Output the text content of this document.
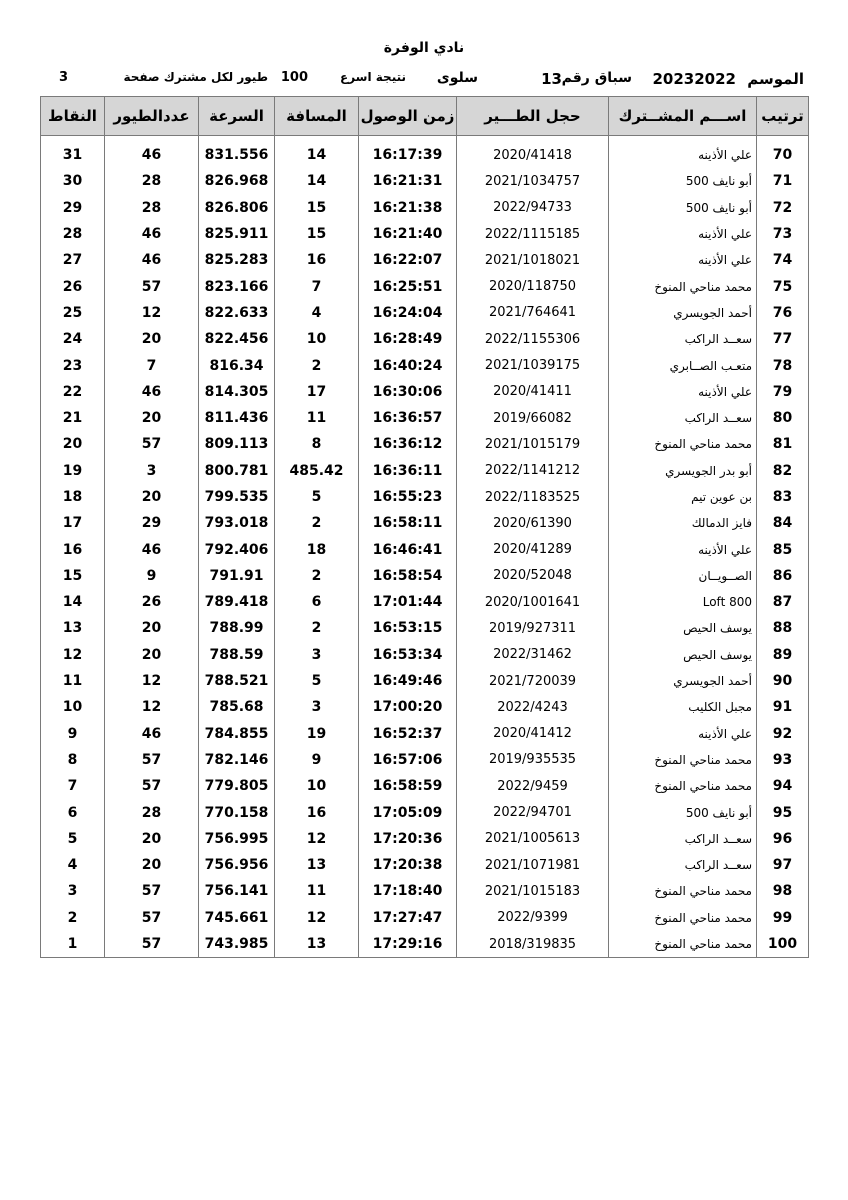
نادي الوفرة
الموسم
20232022
سباق رقم
13
سلوى
نتيجة اسرع
100
طيور لكل مشترك صفحة
3
ترتيب	اســـم المشــترك	حجل الطـــير	زمن الوصول	المسافة	السرعة	عددالطيور	النقاط

70	علي الأذينه	2020/41418	16:17:39	14	831.556	46	31
71	أبو نايف 500	2021/1034757	16:21:31	14	826.968	28	30
72	أبو نايف 500	2022/94733	16:21:38	15	826.806	28	29
73	علي الأذينه	2022/1115185	16:21:40	15	825.911	46	28
74	علي الأذينه	2021/1018021	16:22:07	16	825.283	46	27
75	محمد مناحي المنوخ	2020/118750	16:25:51	7	823.166	57	26
76	أحمد الجويسري	2021/764641	16:24:04	4	822.633	12	25
77	سعــد الراكب	2022/1155306	16:28:49	10	822.456	20	24
78	متعـب الصــابري	2021/1039175	16:40:24	2	816.34	7	23
79	علي الأذينه	2020/41411	16:30:06	17	814.305	46	22
80	سعــد الراكب	2019/66082	16:36:57	11	811.436	20	21
81	محمد مناحي المنوخ	2021/1015179	16:36:12	8	809.113	57	20
82	أبو بدر الجويسري	2022/1141212	16:36:11	485.42	800.781	3	19
83	بن عوين تيم	2022/1183525	16:55:23	5	799.535	20	18
84	فايز الدمالك	2020/61390	16:58:11	2	793.018	29	17
85	علي الأذينه	2020/41289	16:46:41	18	792.406	46	16
86	الصــويــان	2020/52048	16:58:54	2	791.91	9	15
87	Loft 800	2020/1001641	17:01:44	6	789.418	26	14
88	يوسف الحيص	2019/927311	16:53:15	2	788.99	20	13
89	يوسف الحيص	2022/31462	16:53:34	3	788.59	20	12
90	أحمد الجويسري	2021/720039	16:49:46	5	788.521	12	11
91	مجبل الكليب	2022/4243	17:00:20	3	785.68	12	10
92	علي الأذينه	2020/41412	16:52:37	19	784.855	46	9
93	محمد مناحي المنوخ	2019/935535	16:57:06	9	782.146	57	8
94	محمد مناحي المنوخ	2022/9459	16:58:59	10	779.805	57	7
95	أبو نايف 500	2022/94701	17:05:09	16	770.158	28	6
96	سعــد الراكب	2021/1005613	17:20:36	12	756.995	20	5
97	سعــد الراكب	2021/1071981	17:20:38	13	756.956	20	4
98	محمد مناحي المنوخ	2021/1015183	17:18:40	11	756.141	57	3
99	محمد مناحي المنوخ	2022/9399	17:27:47	12	745.661	57	2
100	محمد مناحي المنوخ	2018/319835	17:29:16	13	743.985	57	1
